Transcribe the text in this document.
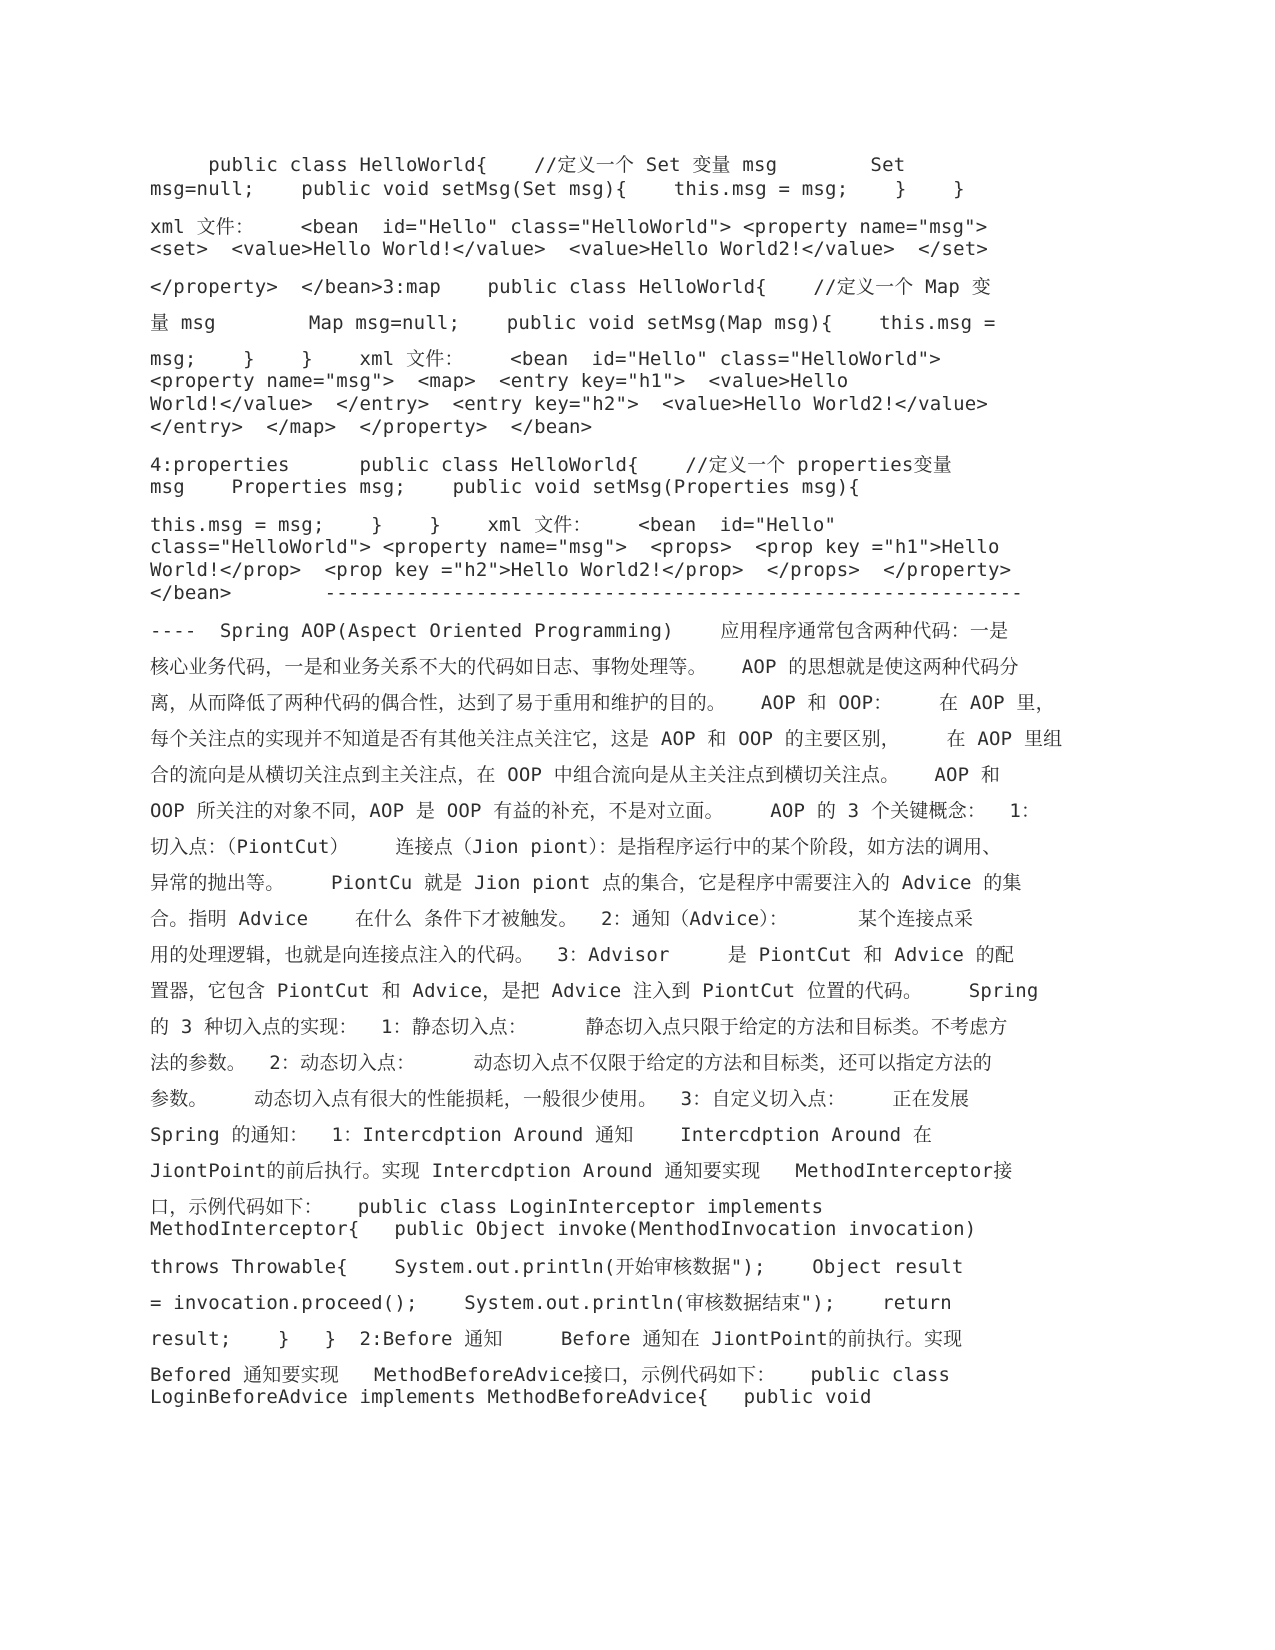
public class HelloWorld{    //定义一个 Set 变量 msg        Set
msg=null;    public void setMsg(Set msg){    this.msg = msg;    }    }
xml 文件：    <bean  id="Hello" class="HelloWorld"> <property name="msg">
<set>  <value>Hello World!</value>  <value>Hello World2!</value>  </set>
</property>  </bean>3:map    public class HelloWorld{    //定义一个 Map 变
量 msg        Map msg=null;    public void setMsg(Map msg){    this.msg =
msg;    }    }    xml 文件：    <bean  id="Hello" class="HelloWorld">
<property name="msg">  <map>  <entry key="h1">  <value>Hello
World!</value>  </entry>  <entry key="h2">  <value>Hello World2!</value>
</entry>  </map>  </property>  </bean>
4:properties      public class HelloWorld{    //定义一个 properties变量
msg    Properties msg;    public void setMsg(Properties msg){
this.msg = msg;    }    }    xml 文件：    <bean  id="Hello"
class="HelloWorld"> <property name="msg">  <props>  <prop key ="h1">Hello
World!</prop>  <prop key ="h2">Hello World2!</prop>  </props>  </property>
</bean>        ------------------------------------------------------------
----  Spring AOP(Aspect Oriented Programming)    应用程序通常包含两种代码：一是
核心业务代码，一是和业务关系不大的代码如日志、事物处理等。   AOP 的思想就是使这两种代码分
离，从而降低了两种代码的偶合性，达到了易于重用和维护的目的。   AOP 和 OOP：    在 AOP 里，
每个关注点的实现并不知道是否有其他关注点关注它，这是 AOP 和 OOP 的主要区别，    在 AOP 里组
合的流向是从横切关注点到主关注点，在 OOP 中组合流向是从主关注点到横切关注点。   AOP 和
OOP 所关注的对象不同，AOP 是 OOP 有益的补充，不是对立面。    AOP 的 3 个关键概念：  1：
切入点：（PiontCut）    连接点（Jion piont）：是指程序运行中的某个阶段，如方法的调用、
异常的抛出等。    PiontCu 就是 Jion piont 点的集合，它是程序中需要注入的 Advice 的集
合。指明 Advice    在什么 条件下才被触发。  2：通知（Advice）：      某个连接点采
用的处理逻辑，也就是向连接点注入的代码。  3：Advisor     是 PiontCut 和 Advice 的配
置器，它包含 PiontCut 和 Advice，是把 Advice 注入到 PiontCut 位置的代码。    Spring
的 3 种切入点的实现：  1：静态切入点：     静态切入点只限于给定的方法和目标类。不考虑方
法的参数。  2：动态切入点：     动态切入点不仅限于给定的方法和目标类，还可以指定方法的
参数。    动态切入点有很大的性能损耗，一般很少使用。  3：自定义切入点：    正在发展
Spring 的通知：  1：Intercdption Around 通知    Intercdption Around 在
JiontPoint的前后执行。实现 Intercdption Around 通知要实现   MethodInterceptor接
口，示例代码如下：   public class LoginInterceptor implements
MethodInterceptor{   public Object invoke(MenthodInvocation invocation)
throws Throwable{    System.out.println(开始审核数据");    Object result
= invocation.proceed();    System.out.println(审核数据结束");    return
result;    }   }  2:Before 通知     Before 通知在 JiontPoint的前执行。实现
Befored 通知要实现   MethodBeforeAdvice接口，示例代码如下：   public class
LoginBeforeAdvice implements MethodBeforeAdvice{   public void
